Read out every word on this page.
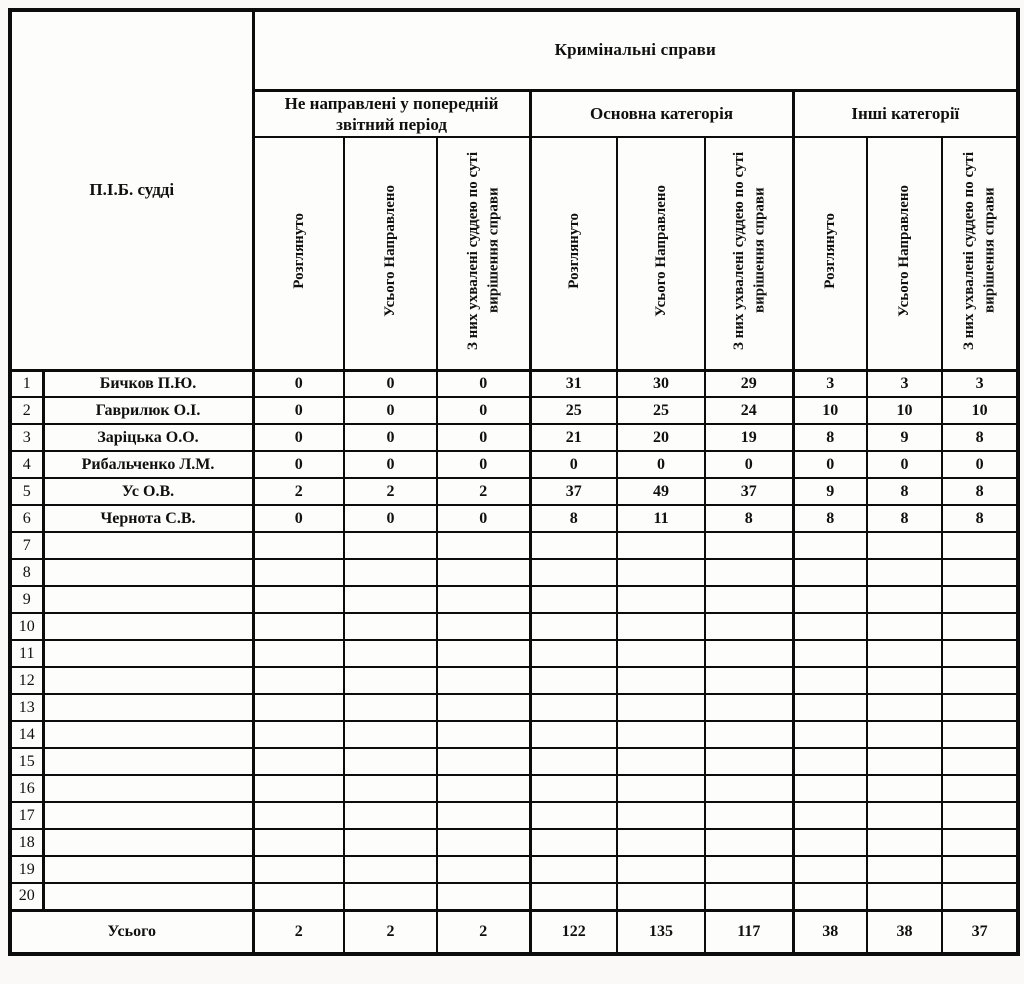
П.І.Б. судді		Кримінальні справи								
		Не направлені у попередній звітний період			Основна категорія			Інші категорії		
		Розглянуто	Усього Направлено	З них ухвалені суддею по суті вирішення справи	Розглянуто	Усього Направлено	З них ухвалені суддею по суті вирішення справи	Розглянуто	Усього Направлено	З них ухвалені суддею по суті вирішення справи
1	Бичков П.Ю.	0	0	0	31	30	29	3	3	3
2	Гаврилюк О.І.	0	0	0	25	25	24	10	10	10
3	Заріцька О.О.	0	0	0	21	20	19	8	9	8
4	Рибальченко Л.М.	0	0	0	0	0	0	0	0	0
5	Ус О.В.	2	2	2	37	49	37	9	8	8
6	Чернота С.В.	0	0	0	8	11	8	8	8	8
7										
8										
9										
10										
11										
12										
13										
14										
15										
16										
17										
18										
19										
20										
Усього		2	2	2	122	135	117	38	38	37
